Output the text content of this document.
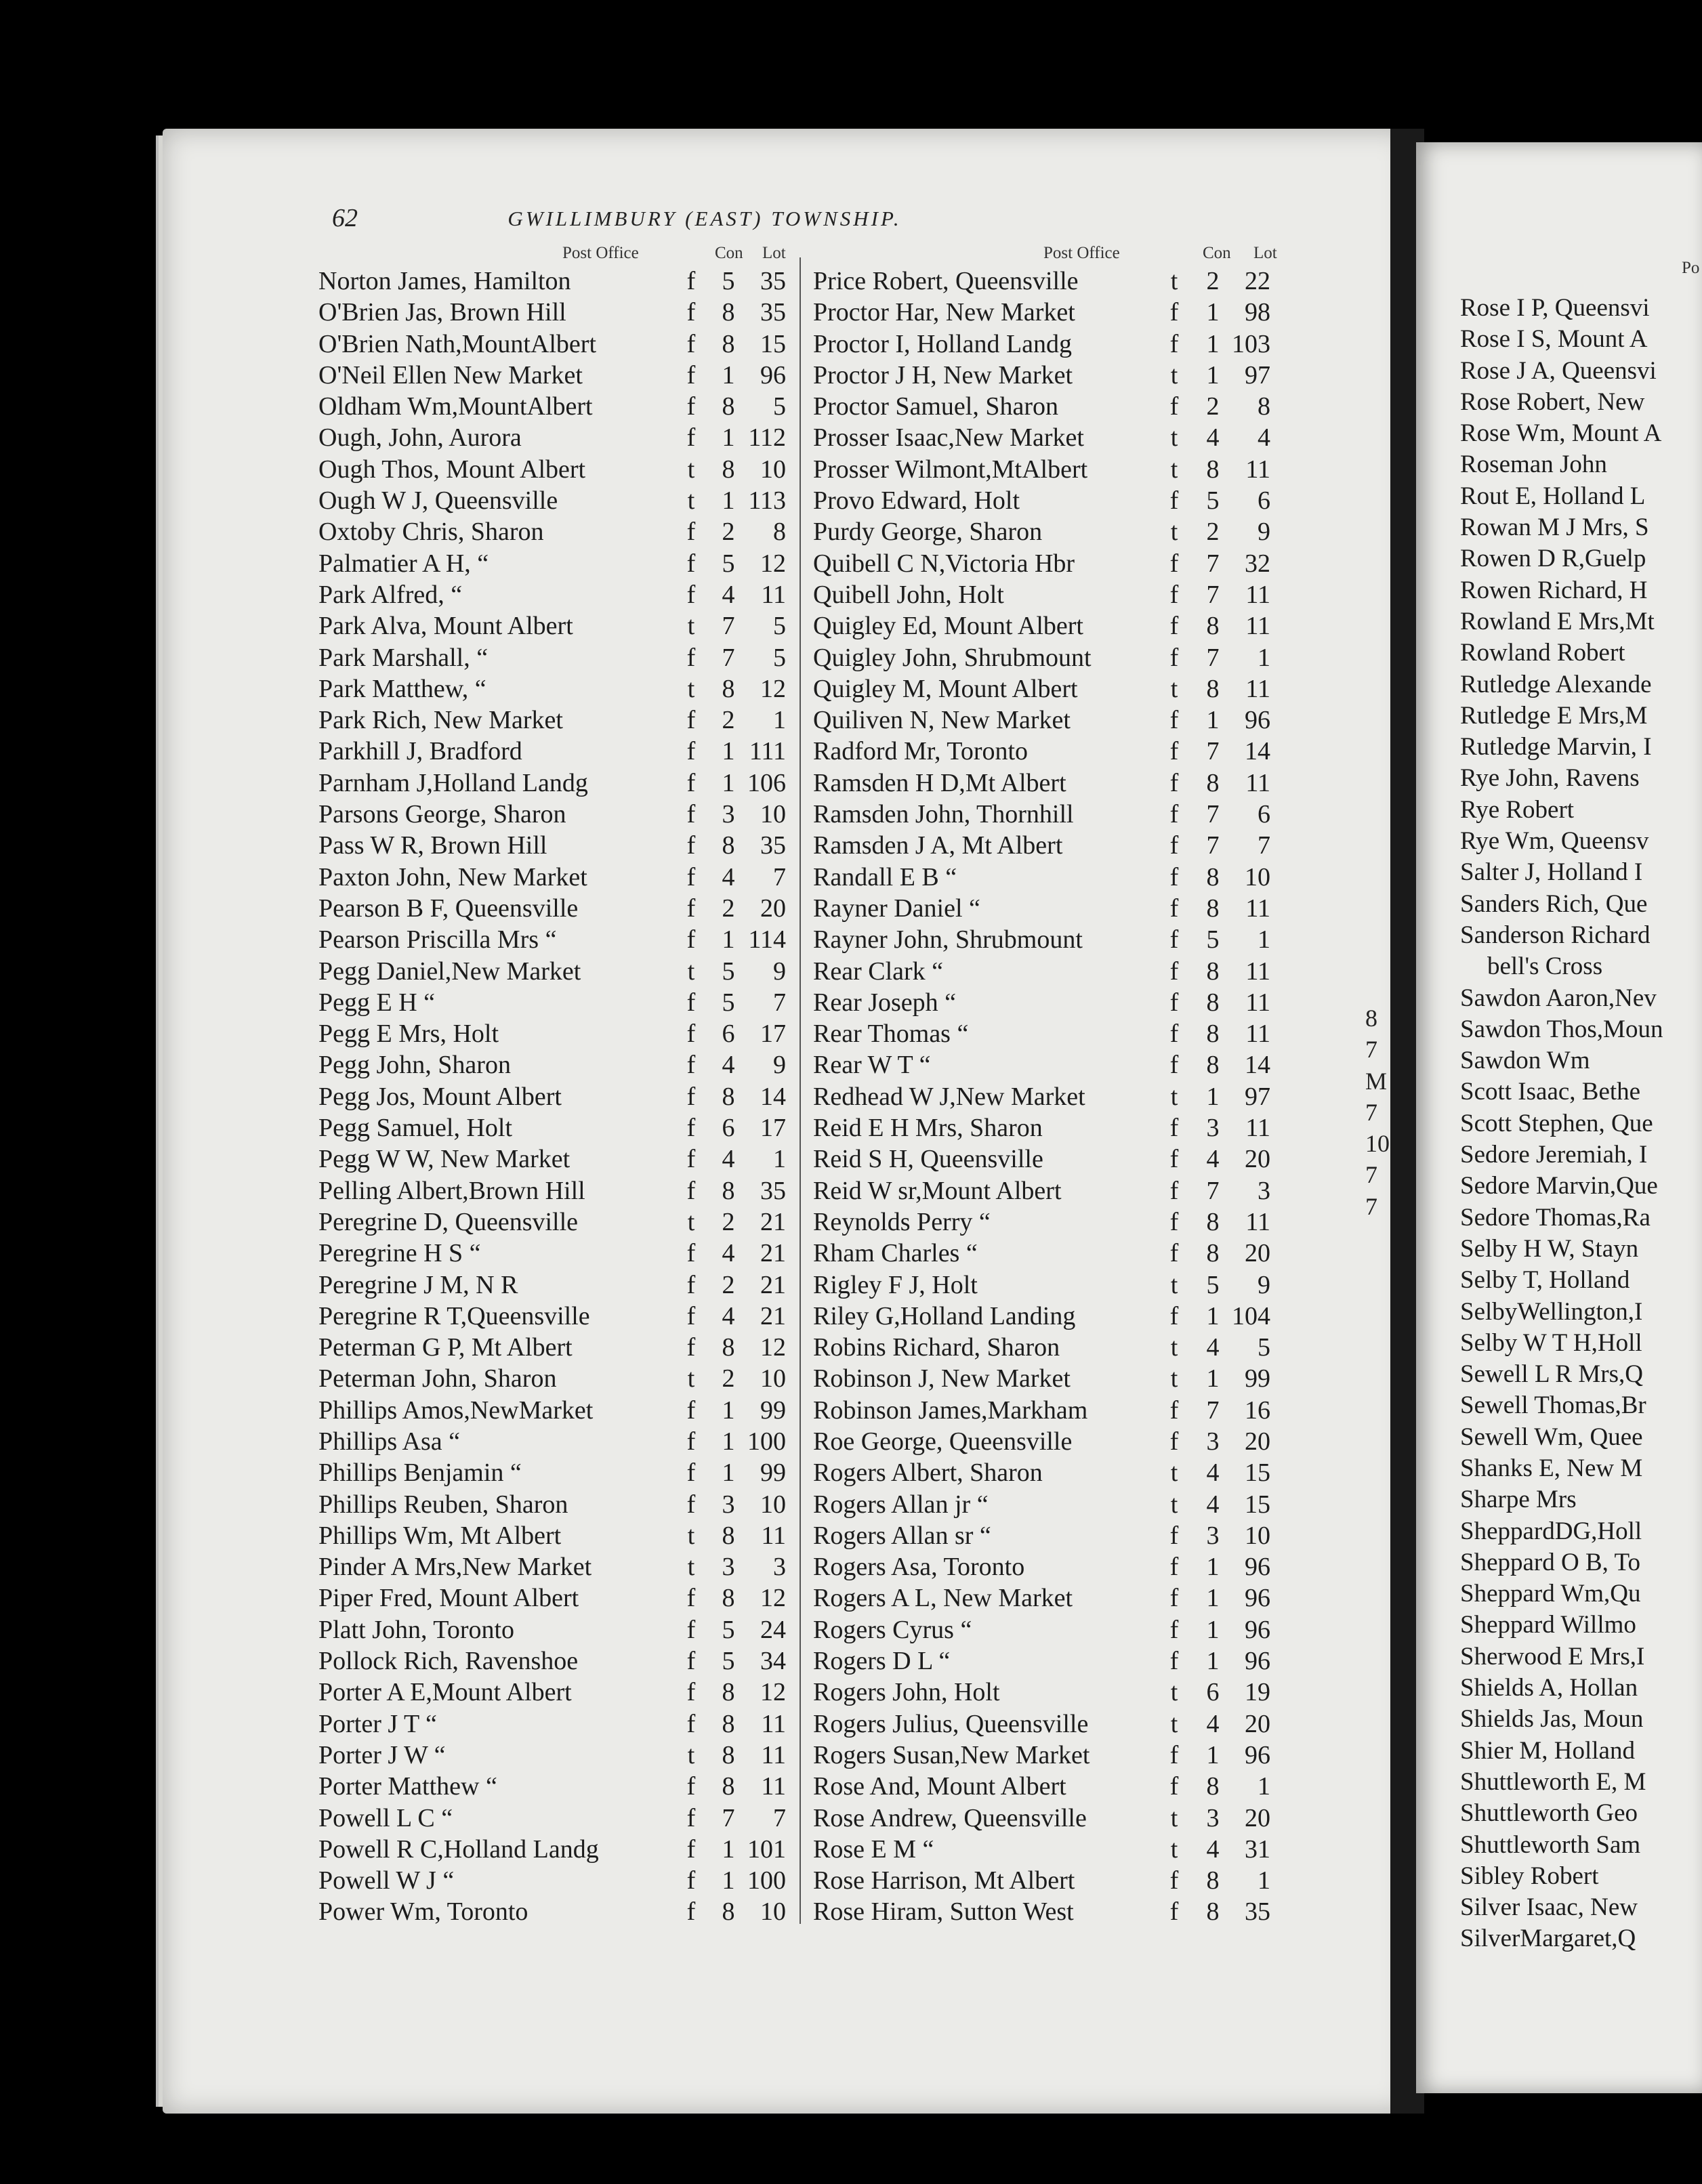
62	GWILLIMBURY (EAST) TOWNSHIP.
Post Office	Con Lot	Post Office	Con Lot
Po
Norton James, Hamilton	f 5 35
O'Brien Jas, Brown Hill	f 8 35
O'Brien Nath,MountAlbert	f 8 15
O'Neil Ellen New Market	f 1 96
Oldham Wm,MountAlbert	f 8	5
Ough, John, Aurora	f 1 112
Ough Thos, Mount Albert	t 8 10
Ough W J, Queensville	t 1 113
Oxtoby Chris, Sharon	f 2	8
Palmatier A H, “	f 5 12
Park Alfred, “	f 4	11
Park Alva, Mount Albert	t 7	5
Park Marshall, “	f 7	5
Park Matthew, “	t 8 12
Park Rich, New Market	f 2	1
Parkhill J, Bradford	f 1 111
Parnham J,Holland Landg	f 1 106
Parsons George, Sharon	f 3 10
Pass W R, Brown Hill	f 8 35
Paxton John, New Market	f 4	7
Pearson B F, Queensville	f 2 20
Pearson Priscilla Mrs “	f 1 114
Pegg Daniel,New Market	t 5	9
Pegg E H “	f 5	7
Pegg E Mrs, Holt	f 6 17
Pegg John, Sharon	f 4	9
Pegg Jos, Mount Albert	f 8 14
Pegg Samuel, Holt	f 6 17
Pegg W W, New Market	f 4	1
Pelling Albert,Brown Hill	f 8 35
Peregrine D, Queensville	t 2 21
Peregrine H S “	f 4 21
Peregrine J M, N R	f 2 21
Peregrine R T,Queensville	f 4 21
Peterman G P, Mt Albert	f 8 12
Peterman John, Sharon	t 2 10
Phillips Amos,NewMarket	f 1 99
Phillips Asa “	f 1 100
Phillips Benjamin “	f 1 99
Phillips Reuben, Sharon	f 3 10
Phillips Wm, Mt Albert	t 8	11
Pinder A Mrs,New Market	t 3	3
Piper Fred, Mount Albert	f 8 12
Platt John, Toronto	f 5 24
Pollock Rich, Ravenshoe	f 5 34
Porter A E,Mount Albert	f 8 12
Porter J T “	f 8	11
Porter J W “	t 8	11
Porter Matthew “	f 8	11
Powell L C “	f 7	7
Powell R C,Holland Landg	f 1 101
Powell W J “	f 1 100
Power Wm, Toronto	f 8 10
Price Robert, Queensville	t 2 22
Proctor Har, New Market	f 1 98
Proctor I, Holland Landg	f 1 103
Proctor J H, New Market	t 1 97
Proctor Samuel, Sharon	f 2	8
Prosser Isaac,New Market	t 4	4
Prosser Wilmont,MtAlbert	t 8	11
Provo Edward, Holt	f 5	6
Purdy George, Sharon	t 2	9
Quibell C N,Victoria Hbr	f 7 32
Quibell John, Holt	f 7	11
Quigley Ed, Mount Albert	f 8	11
Quigley John, Shrubmount	f 7	1
Quigley M, Mount Albert	t 8	11
Quiliven N, New Market	f 1 96
Radford Mr, Toronto	f 7 14
Ramsden H D,Mt Albert	f 8	11
Ramsden John, Thornhill	f 7	6
Ramsden J A, Mt Albert	f 7	7
Randall E B “	f 8 10
Rayner Daniel “	f 8	11
Rayner John, Shrubmount	f 5	1
Rear Clark “	f 8	11
Rear Joseph “	f 8	11
Rear Thomas “	f 8	11
Rear W T “	f 8 14
Redhead W J,New Market	t 1 97
Reid E H Mrs, Sharon	f 3	11
Reid S H, Queensville	f 4 20
Reid W sr,Mount Albert	f 7	3
Reynolds Perry “	f 8	11
Rham Charles “	f 8 20
Rigley F J, Holt	t 5	9
Riley G,Holland Landing	f 1 104
Robins Richard, Sharon	t 4	5
Robinson J, New Market	t 1 99
Robinson James,Markham	f 7 16
Roe George, Queensville	f 3 20
Rogers Albert, Sharon	t 4 15
Rogers Allan jr “	t 4 15
Rogers Allan sr “	f 3 10
Rogers Asa, Toronto	f 1 96
Rogers A L, New Market	f 1 96
Rogers Cyrus “	f 1 96
Rogers D L “	f 1 96
Rogers John, Holt	t 6 19
Rogers Julius, Queensville	t 4 20
Rogers Susan,New Market	f 1 96
Rose And, Mount Albert	f 8	1
Rose Andrew, Queensville	t 3 20
Rose E M “	t 4 31
Rose Harrison, Mt Albert	f 8	1
Rose Hiram, Sutton West	f 8 35
Rose I P, Queensvi
Rose I S, Mount A
Rose J A, Queensvi
Rose Robert, New
Rose Wm, Mount A
Roseman John
Rout E, Holland L
Rowan M J Mrs, S
Rowen D R,Guelp
Rowen Richard, H
Rowland E Mrs,Mt
Rowland Robert
Rutledge Alexande
Rutledge E Mrs,M
Rutledge Marvin, I
Rye John, Ravens
Rye Robert
Rye Wm, Queensv
Salter J, Holland I
Sanders Rich, Que
Sanderson Richard
bell's Cross
Sawdon Aaron,Nev
Sawdon Thos,Moun
Sawdon Wm
Scott Isaac, Bethe
Scott Stephen, Que
Sedore Jeremiah, I
Sedore Marvin,Que
Sedore Thomas,Ra
Selby H W, Stayn
Selby T, Holland
SelbyWellington,I
Selby W T H,Holl
Sewell L R Mrs,Q
Sewell Thomas,Br
Sewell Wm, Quee
Shanks E, New M
Sharpe Mrs
SheppardDG,Holl
Sheppard O B, To
Sheppard Wm,Qu
Sheppard Willmo
Sherwood E Mrs,I
Shields A, Hollan
Shields Jas, Moun
Shier M, Holland
Shuttleworth E, M
Shuttleworth Geo
Shuttleworth Sam
Sibley Robert
Silver Isaac, New
SilverMargaret,Q
8
7
M
7
10
7
7
